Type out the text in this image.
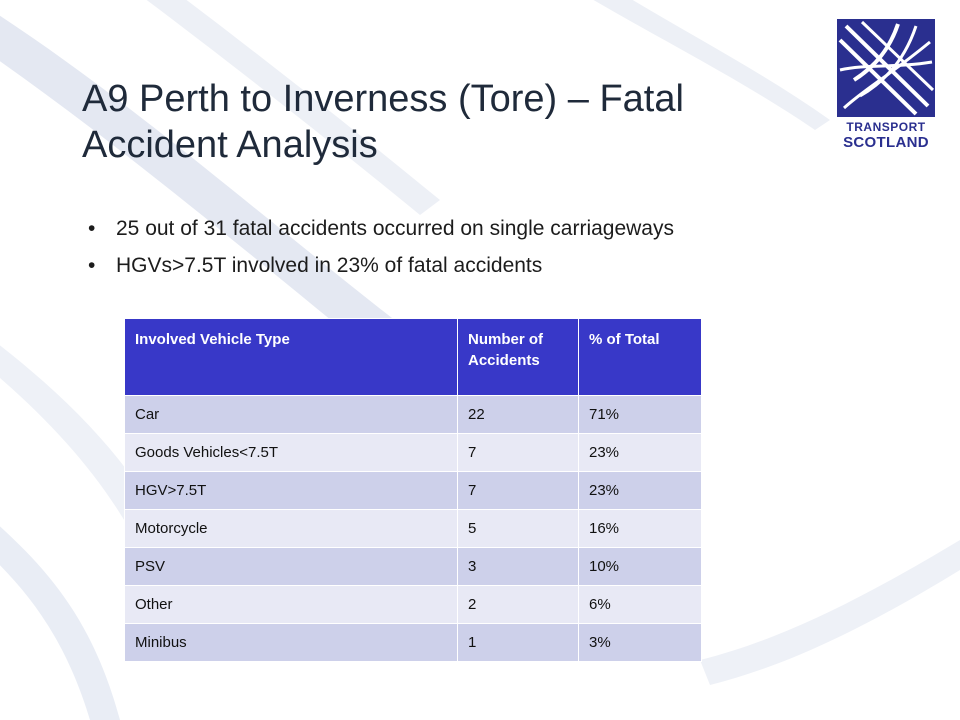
A9 Perth to Inverness (Tore) – Fatal
Accident Analysis
• 25 out of 31 fatal accidents occurred on single carriageways
• HGVs>7.5T involved in 23% of fatal accidents
TRANSPORT
SCOTLAND
Involved Vehicle Type	Number of Accidents	% of Total
Car	22	71%
Goods Vehicles<7.5T	7	23%
HGV>7.5T	7	23%
Motorcycle	5	16%
PSV	3	10%
Other	2	6%
Minibus	1	3%
